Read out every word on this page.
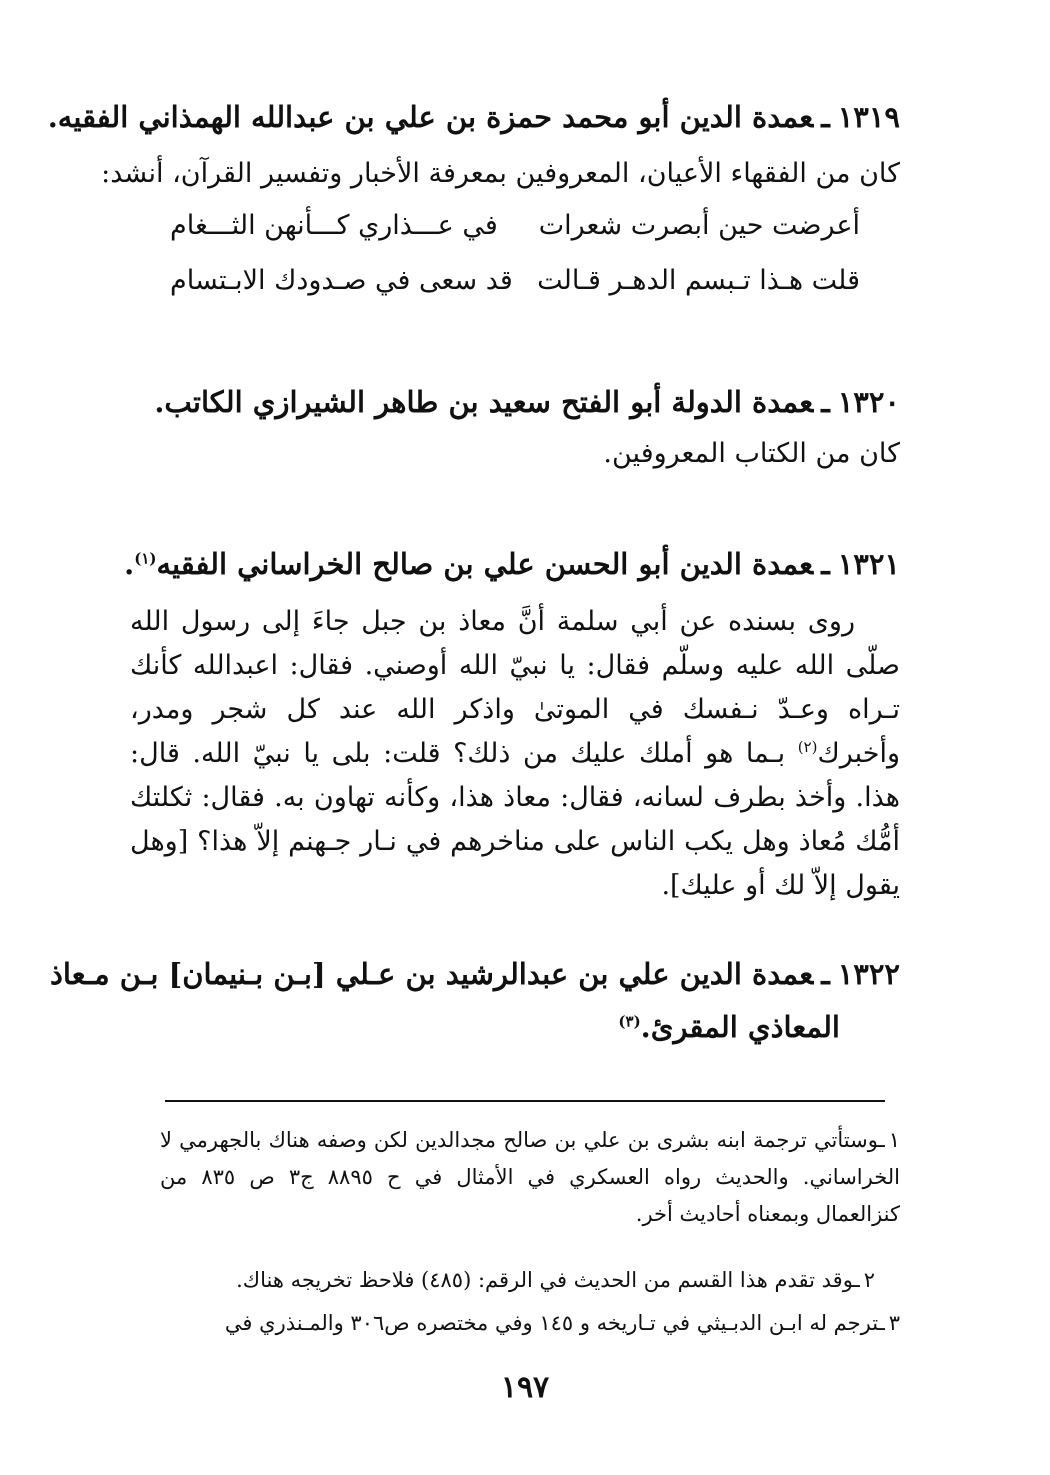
١٣١٩ـعمدة الدين أبو محمد حمزة بن علي بن عبدالله الهمذاني الفقيه.
كان من الفقهاء الأعيان، المعروفين بمعرفة الأخبار وتفسير القرآن، أنشد:
أعرضت حين أبصرت شعرات
في عـــذاري كـــأنهن الثـــغام
قلت هـذا تـبسم الدهـر قـالت
قد سعى في صـدودك الابـتسام
١٣٢٠ـعمدة الدولة أبو الفتح سعيد بن طاهر الشيرازي الكاتب.
كان من الكتاب المعروفين.
١٣٢١ـعمدة الدين أبو الحسن علي بن صالح الخراساني الفقيه$^{(١)}$.
روى بسنده عن أبي سلمة أنَّ معاذ بن جبل جاءَ إلى رسول الله صلّى الله عليه وسلّم فقال: يا نبيّ الله أوصني. فقال: اعبدالله كأنك تـراه وعـدّ نـفسك في الموتىٰ واذكر الله عند كل شجر ومدر، وأخبرك$^{(٢)}$ بـما هو أملك عليك من ذلك؟ قلت: بلى يا نبيّ الله. قال: هذا. وأخذ بطرف لسانه، فقال: معاذ هذا، وكأنه تهاون به. فقال: ثكلتك أمُّك مُعاذ وهل يكب الناس على مناخرهم في نـار جـهنم إلاّ هذا؟ [وهل يقول إلاّ لك أو عليك].
١٣٢٢ـعمدة الدين علي بن عبدالرشيد بن عـلي [بـن بـنيمان] بـن مـعاذ
المعاذي المقرئ.$^{(٣)}$
١ـوستأتي ترجمة ابنه بشرى بن علي بن صالح مجدالدين لكن وصفه هناك بالجهرمي لا الخراساني. والحديث رواه العسكري في الأمثال في ح ٨٨٩٥ ج٣ ص ٨٣٥ من كنزالعمال وبمعناه أحاديث أخر.
٢ـوقد تقدم هذا القسم من الحديث في الرقم: (٤٨٥) فلاحظ تخريجه هناك.
٣ـترجم له ابـن الدبـيثي في تـاريخه و ١٤٥ وفي مختصره ص٣٠٦ والمـنذري في
١٩٧
